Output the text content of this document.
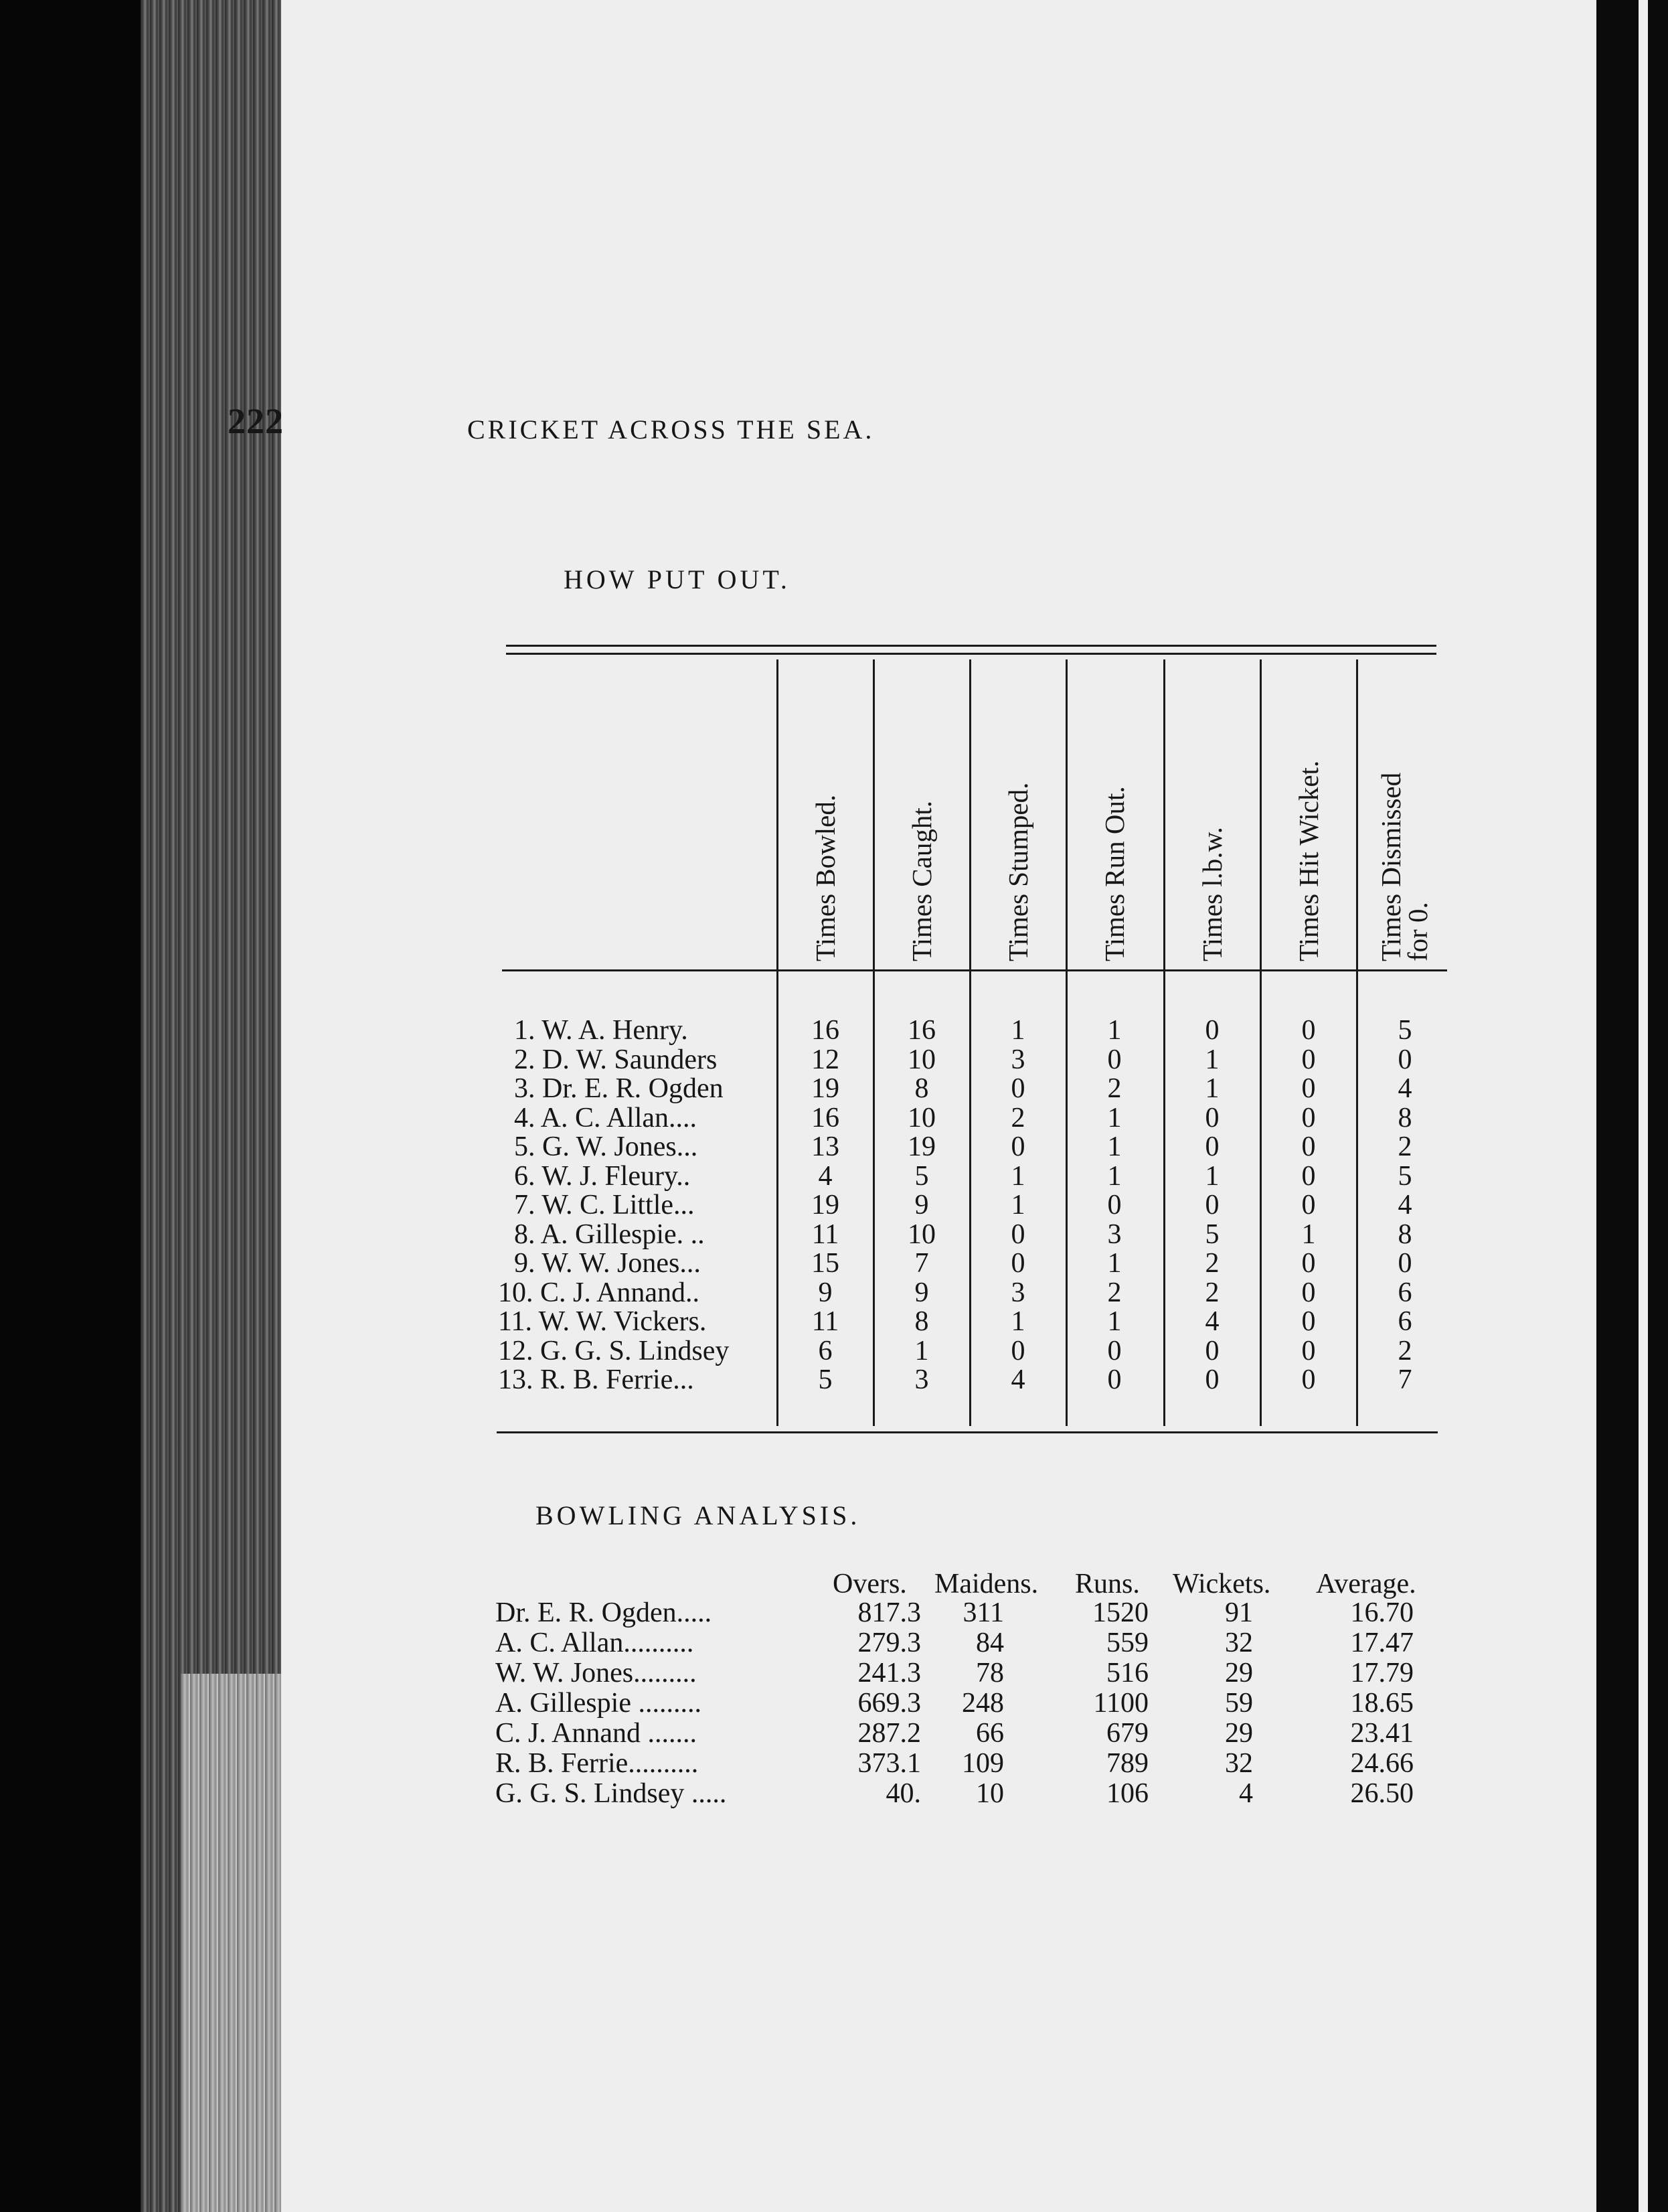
222	CRICKET ACROSS THE SEA.
HOW PUT OUT.
Times Bowled. Times Caught. Times Stumped. Times Run Out. Times l.b.w. Times Hit Wicket. Times Dismissed
for 0.
1. W. A. Henry.	16	16	1	1	0	0	5
2. D. W. Saunders	12	10	3	0	1	0	0
3. Dr. E. R. Ogden	19	8	0	2	1	0	4
4. A. C. Allan....	16	10	2	1	0	0	8
5. G. W. Jones...	13	19	0	1	0	0	2
6. W. J. Fleury..	4	5	1	1	1	0	5
7. W. C. Little...	19	9	1	0	0	0	4
8. A. Gillespie. ..	11	10	0	3	5	1	8
9. W. W. Jones...	15	7	0	1	2	0	0
10. C. J. Annand..	9	9	3	2	2	0	6
11. W. W. Vickers.	11	8	1	1	4	0	6
12. G. G. S. Lindsey	6	1	0	0	0	0	2
13. R. B. Ferrie...	5	3	4	0	0	0	7
BOWLING ANALYSIS.
Overs. Maidens. Runs. Wickets. Average.
Dr. E. R. Ogden.....	817.3	311	1520	91	16.70
A. C. Allan..........	279.3	84	559	32	17.47
W. W. Jones.........	241.3	78	516	29	17.79
A. Gillespie .........	669.3	248	1100	59	18.65
C. J. Annand .......	287.2	66	679	29	23.41
R. B. Ferrie..........	373.1	109	789	32	24.66
G. G. S. Lindsey .....	40.	10	106	4	26.50
